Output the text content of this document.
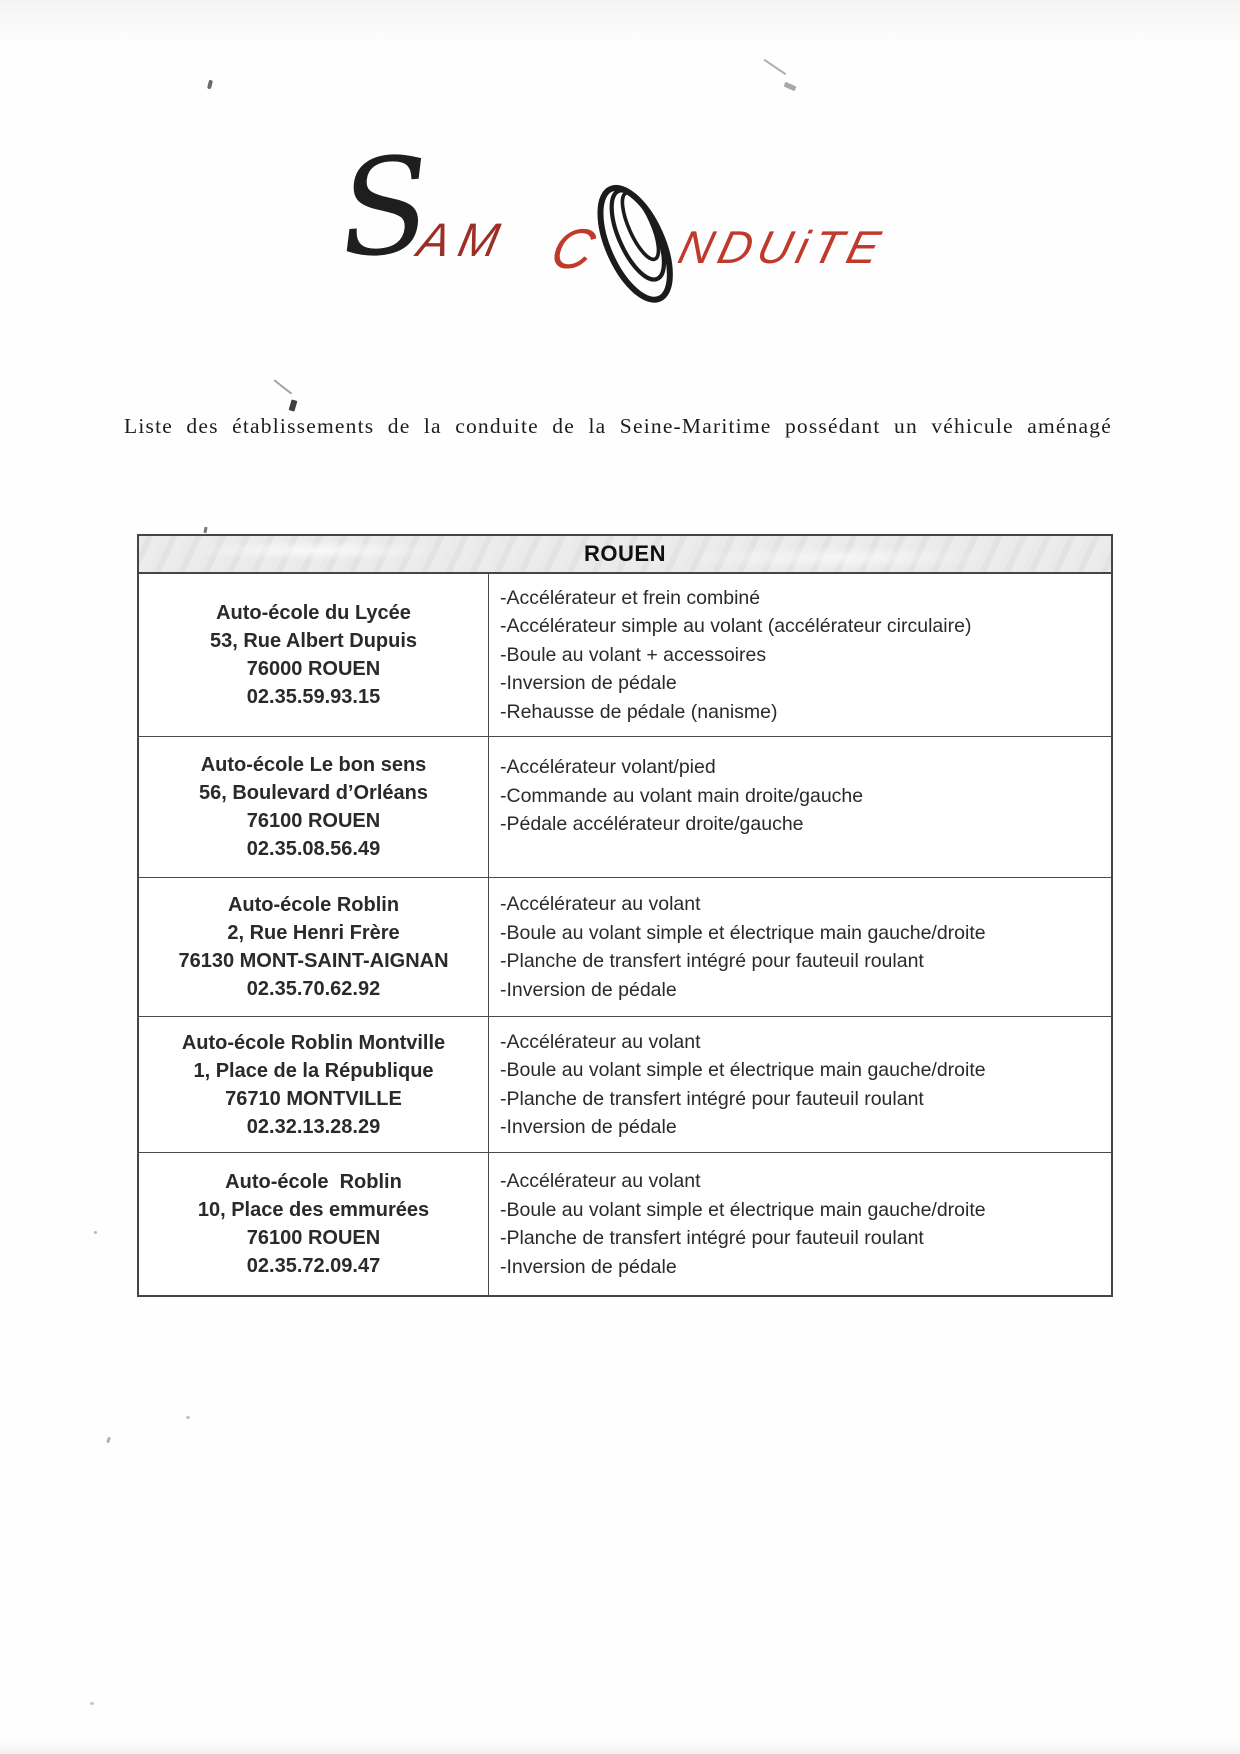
S
AM C NDUiTE
Liste des établissements de la conduite de la Seine-Maritime possédant un véhicule aménagé
ROUEN
Auto-école du Lycée
53, Rue Albert Dupuis
76000 ROUEN
02.35.59.93.15
-Accélérateur et frein combiné
-Accélérateur simple au volant (accélérateur circulaire)
-Boule au volant + accessoires
-Inversion de pédale
-Rehausse de pédale (nanisme)
Auto-école Le bon sens
56, Boulevard d’Orléans
76100 ROUEN
02.35.08.56.49
-Accélérateur volant/pied
-Commande au volant main droite/gauche
-Pédale accélérateur droite/gauche
Auto-école Roblin
2, Rue Henri Frère
76130 MONT-SAINT-AIGNAN
02.35.70.62.92
-Accélérateur au volant
-Boule au volant simple et électrique main gauche/droite
-Planche de transfert intégré pour fauteuil roulant
-Inversion de pédale
Auto-école Roblin Montville
1, Place de la République
76710 MONTVILLE
02.32.13.28.29
-Accélérateur au volant
-Boule au volant simple et électrique main gauche/droite
-Planche de transfert intégré pour fauteuil roulant
-Inversion de pédale
Auto-école  Roblin
10, Place des emmurées
76100 ROUEN
02.35.72.09.47
-Accélérateur au volant
-Boule au volant simple et électrique main gauche/droite
-Planche de transfert intégré pour fauteuil roulant
-Inversion de pédale
